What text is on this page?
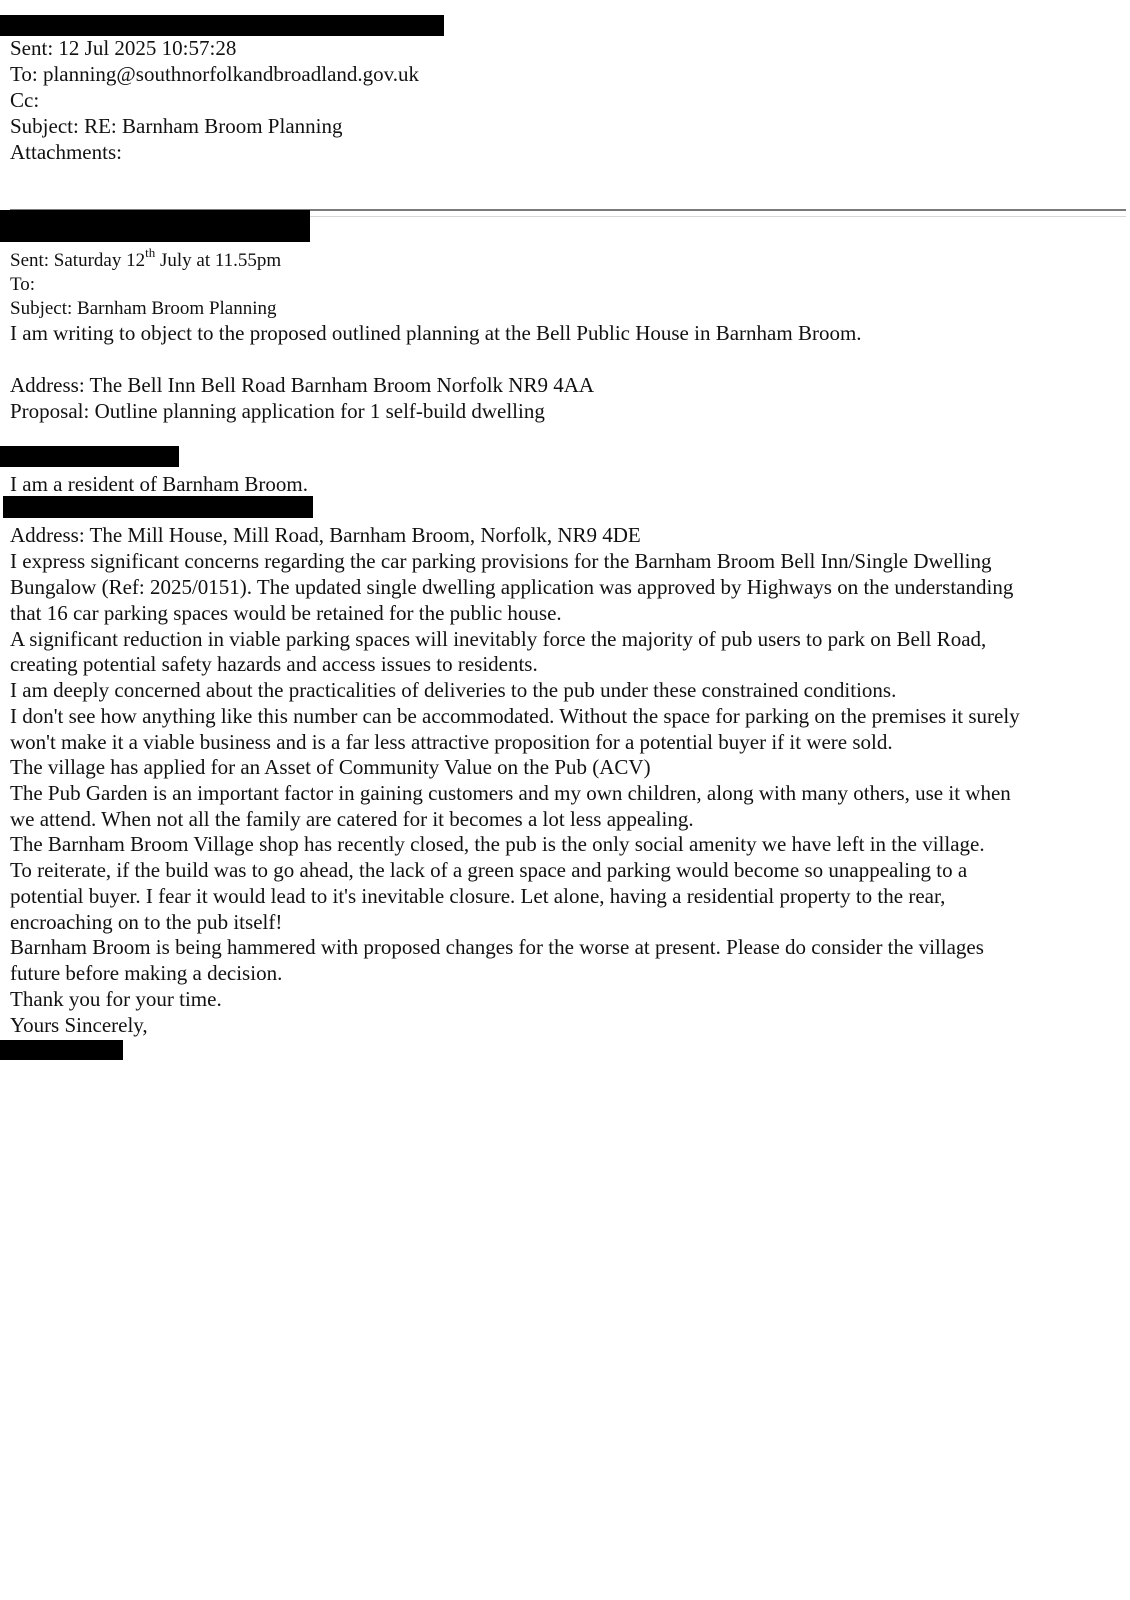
Sent: 12 Jul 2025 10:57:28
To: planning@southnorfolkandbroadland.gov.uk
Cc:
Subject: RE: Barnham Broom Planning
Attachments:
Sent: Saturday 12th July at 11.55pm
To:
Subject: Barnham Broom Planning
I am writing to object to the proposed outlined planning at the Bell Public House in Barnham Broom.
Address: The Bell Inn Bell Road Barnham Broom Norfolk NR9 4AA
Proposal: Outline planning application for 1 self-build dwelling
I am a resident of Barnham Broom.
Address: The Mill House, Mill Road, Barnham Broom, Norfolk, NR9 4DE
I express significant concerns regarding the car parking provisions for the Barnham Broom Bell Inn/Single Dwelling
Bungalow (Ref: 2025/0151). The updated single dwelling application was approved by Highways on the understanding
that 16 car parking spaces would be retained for the public house.
A significant reduction in viable parking spaces will inevitably force the majority of pub users to park on Bell Road,
creating potential safety hazards and access issues to residents.
I am deeply concerned about the practicalities of deliveries to the pub under these constrained conditions.
I don't see how anything like this number can be accommodated. Without the space for parking on the premises it surely
won't make it a viable business and is a far less attractive proposition for a potential buyer if it were sold.
The village has applied for an Asset of Community Value on the Pub (ACV)
The Pub Garden is an important factor in gaining customers and my own children, along with many others, use it when
we attend. When not all the family are catered for it becomes a lot less appealing.
The Barnham Broom Village shop has recently closed, the pub is the only social amenity we have left in the village.
To reiterate, if the build was to go ahead, the lack of a green space and parking would become so unappealing to a
potential buyer. I fear it would lead to it's inevitable closure. Let alone, having a residential property to the rear,
encroaching on to the pub itself!
Barnham Broom is being hammered with proposed changes for the worse at present. Please do consider the villages
future before making a decision.
Thank you for your time.
Yours Sincerely,
